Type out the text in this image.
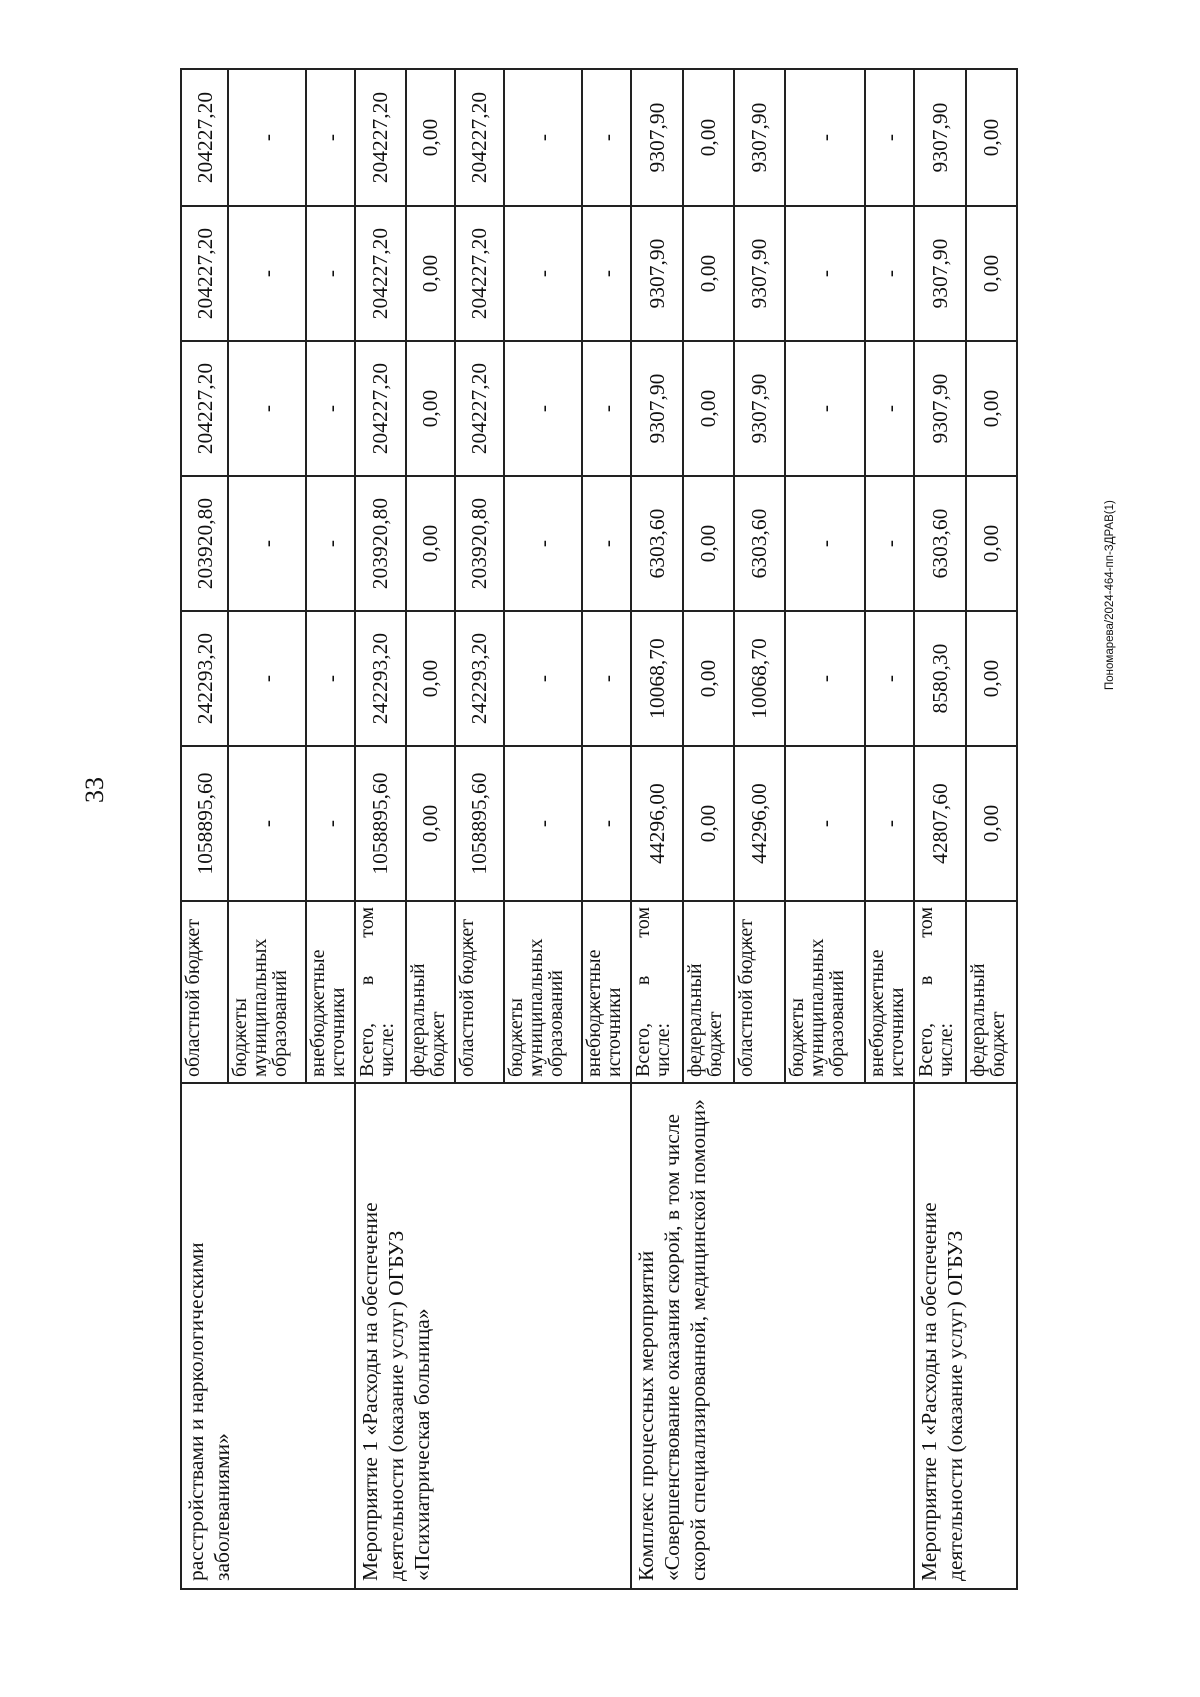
33
расстройствами и наркологическими заболеваниями»	областной бюджет	1058895,60	242293,20	203920,80	204227,20	204227,20	204227,20
	бюджеты муниципальных образований	-	-	-	-	-	-
	внебюджетные источники	-	-	-	-	-	-
Мероприятие 1 «Расходы на обеспечение деятельности (оказание услуг) ОГБУЗ «Психиатрическая больница»	Всего,
в
том
числе:	1058895,60	242293,20	203920,80	204227,20	204227,20	204227,20
	федеральный бюджет	0,00	0,00	0,00	0,00	0,00	0,00
	областной бюджет	1058895,60	242293,20	203920,80	204227,20	204227,20	204227,20
	бюджеты муниципальных образований	-	-	-	-	-	-
	внебюджетные источники	-	-	-	-	-	-
Комплекс процессных мероприятий «Совершенствование оказания скорой, в том числе скорой специализированной, медицинской помощи»	Всего,
в
том
числе:	44296,00	10068,70	6303,60	9307,90	9307,90	9307,90
	федеральный бюджет	0,00	0,00	0,00	0,00	0,00	0,00
	областной бюджет	44296,00	10068,70	6303,60	9307,90	9307,90	9307,90
	бюджеты муниципальных образований	-	-	-	-	-	-
	внебюджетные источники	-	-	-	-	-	-
Мероприятие 1 «Расходы на обеспечение деятельности (оказание услуг) ОГБУЗ	Всего,
в
том
числе:	42807,60	8580,30	6303,60	9307,90	9307,90	9307,90
	федеральный бюджет	0,00	0,00	0,00	0,00	0,00	0,00
Пономарева/2024-464-пп-ЗДРАВ(1)
